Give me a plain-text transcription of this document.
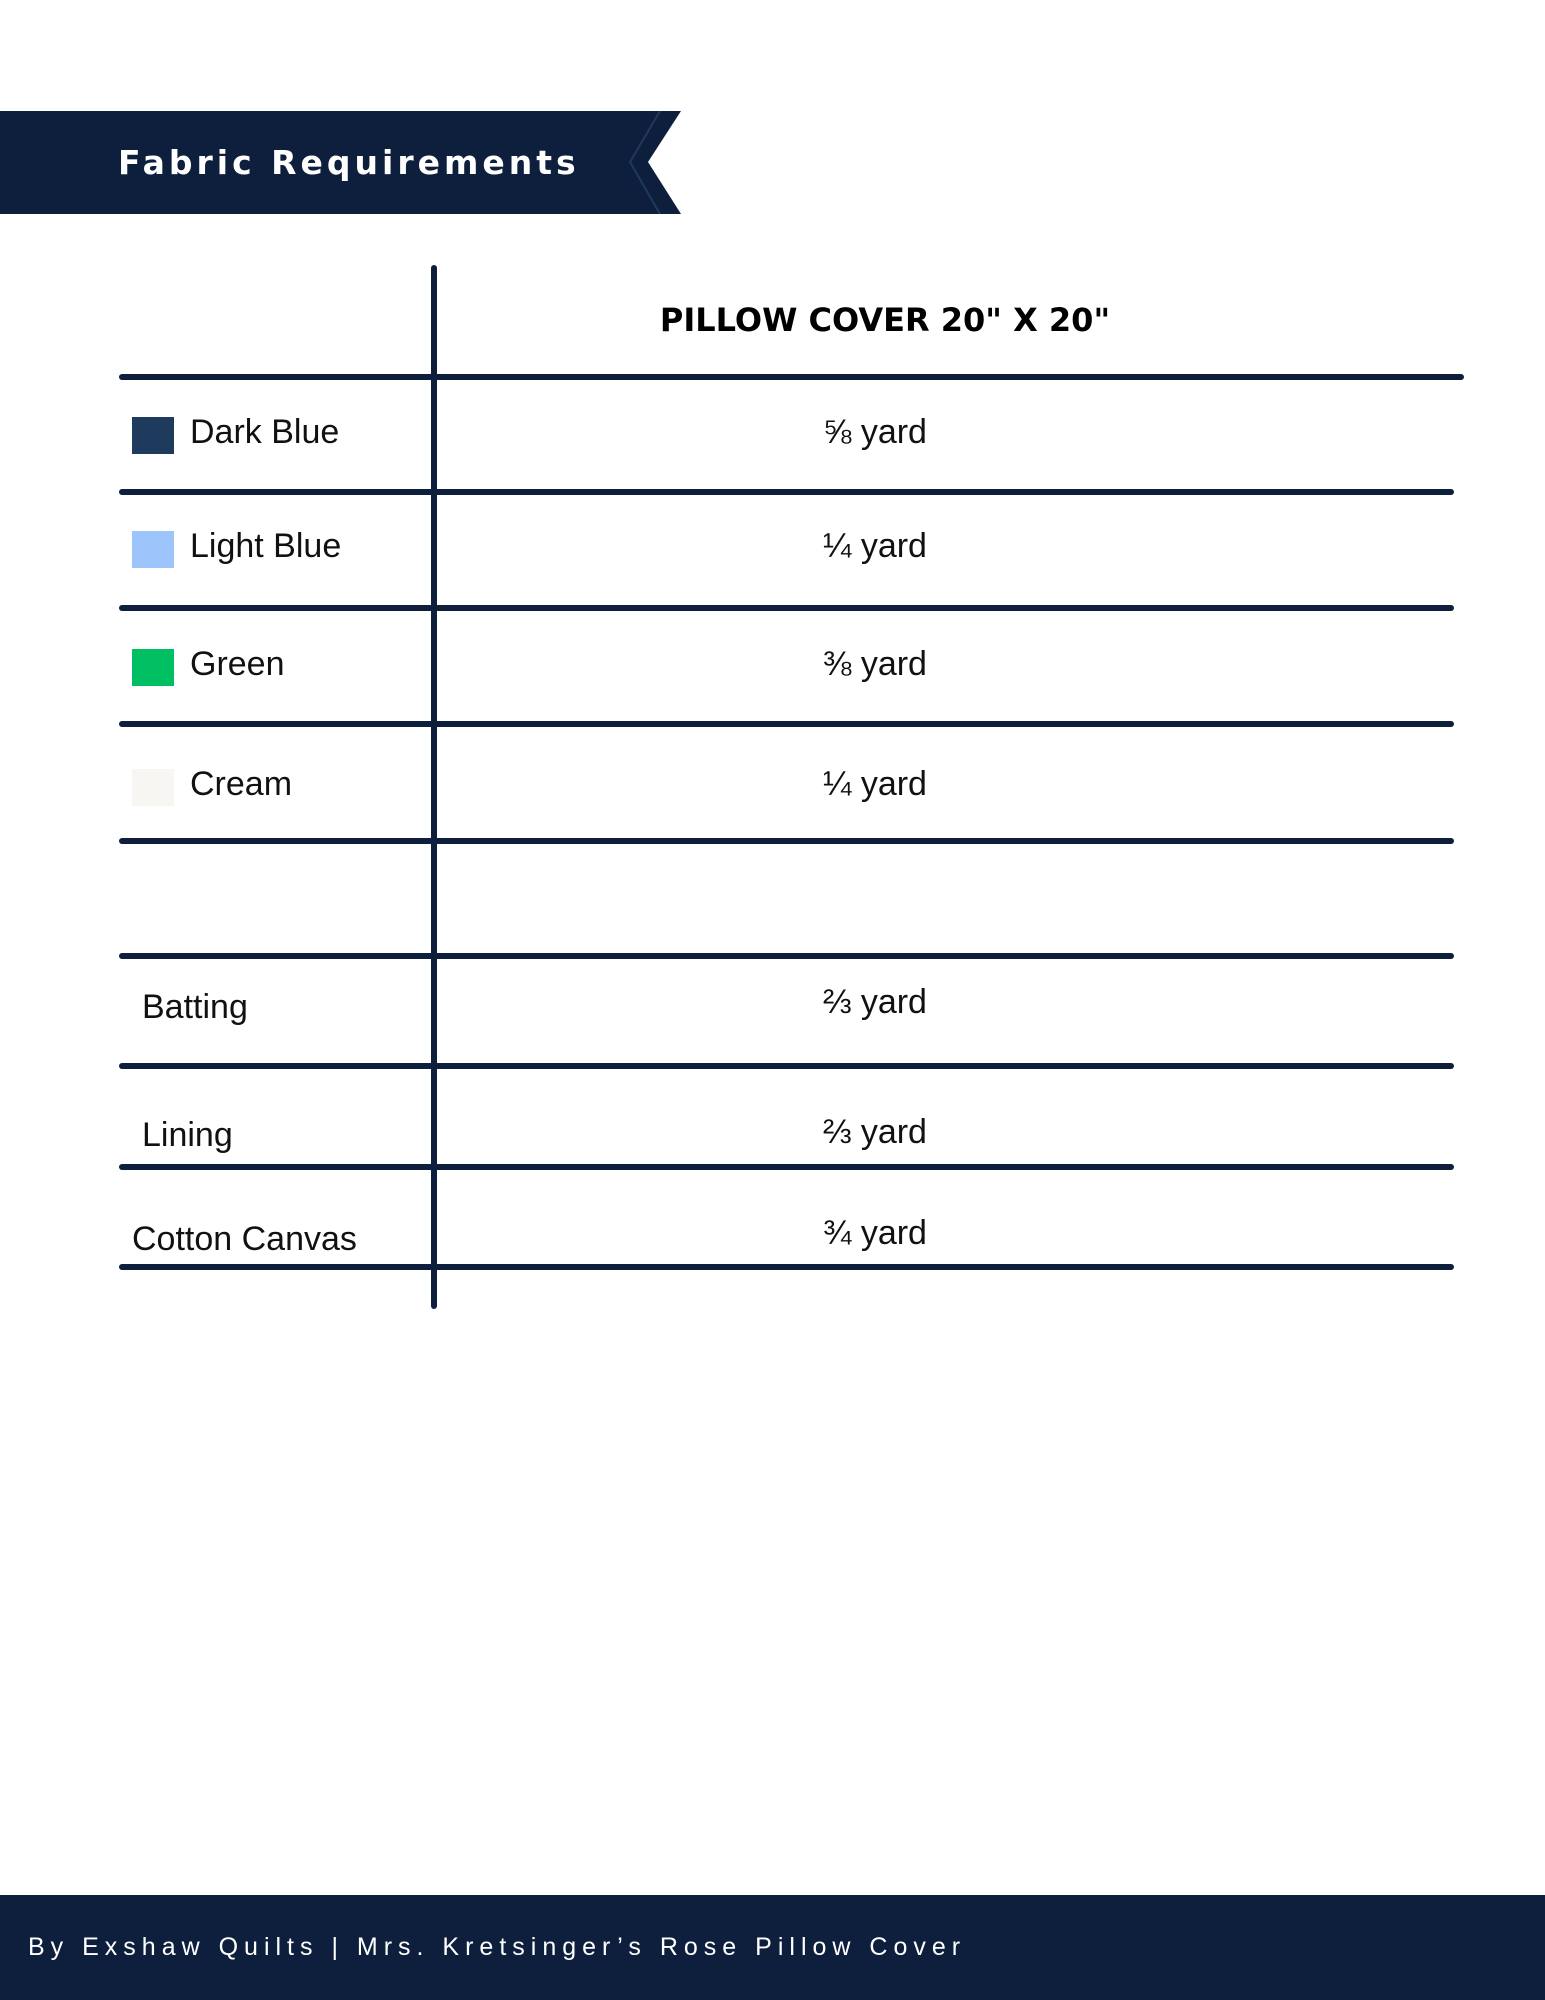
Fabric Requirements
PILLOW COVER 20" X 20"
Dark Blue	⅝ yard
Light Blue	¼ yard
Green	⅜ yard
Cream	¼ yard
Batting	⅔ yard
Lining	⅔ yard
Cotton Canvas	¾ yard
By Exshaw Quilts | Mrs. Kretsinger’s Rose Pillow Cover
